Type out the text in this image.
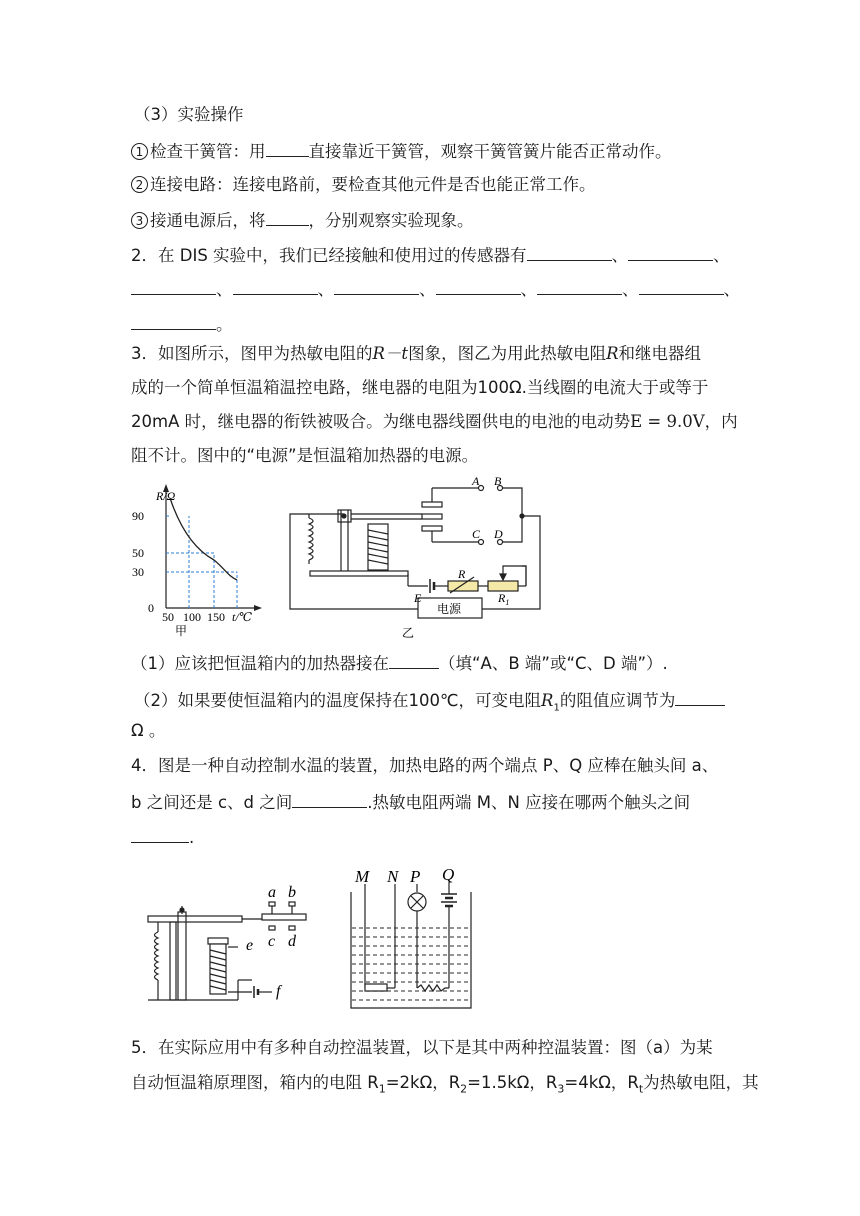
（3）实验操作
1 检查干簧管：用	直接靠近干簧管，观察干簧管簧片能否正常动作。
2 连接电路：连接电路前，要检查其他元件是否也能正常工作。
3 接通电源后，将	，分别观察实验现象。
2．在 DIS 实验中，我们已经接触和使用过的传感器有	、	、
、	、	、	、	、	、
。
3．如图所示，图甲为热敏电阻的R－t图象，图乙为用此热敏电阻R和继电器组
成的一个简单恒温箱温控电路，继电器的电阻为100Ω.当线圈的电流大于或等于
20mA 时，继电器的衔铁被吸合。为继电器线圈供电的电池的电动势E = 9.0V，内
阻不计。图中的“电源”是恒温箱加热器的电源。
R/Ω
90
50
30
0
50 100 150 t/℃
甲
A B
C D
E
R
$R_1$
电源
乙
（1）应该把恒温箱内的加热器接在	（填“A、B 端”或“C、D 端”）.
（2）如果要使恒温箱内的温度保持在100℃，可变电阻$R_1$的阻值应调节为
Ω 。
4．图是一种自动控制水温的装置，加热电路的两个端点 P、Q 应棒在触头间 a、
b 之间还是 c、d 之间	.热敏电阻两端 M、N 应接在哪两个触头之间
.
a b
c d
e
f
M N P Q
5．在实际应用中有多种自动控温装置，以下是其中两种控温装置：图（a）为某
自动恒温箱原理图，箱内的电阻 $R_1=2k\Omega$，$R_2=1.5k\Omega$，$R_3=4k\Omega$，$R_t$为热敏电阻，其
